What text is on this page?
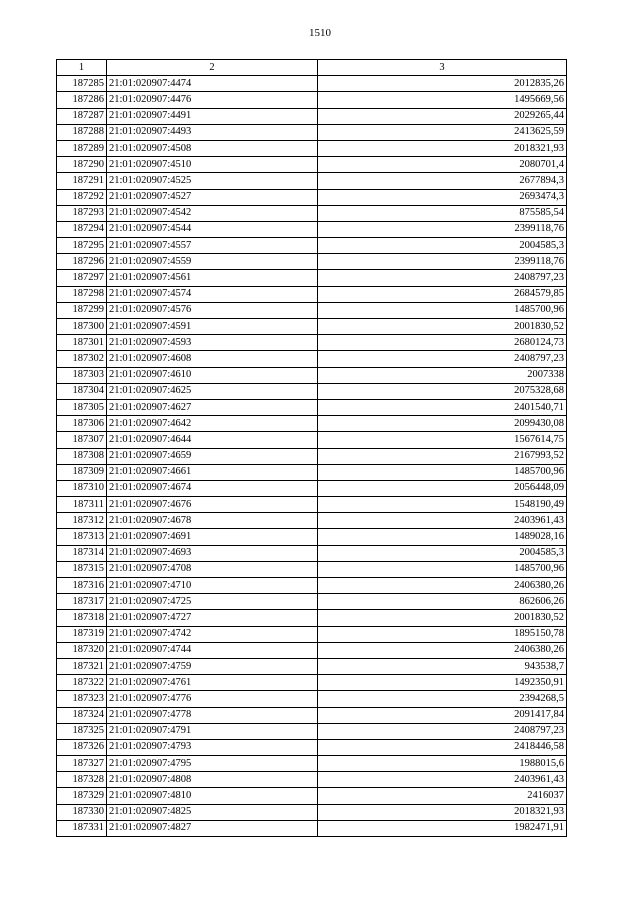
1510
1	2	3
187285	21:01:020907:4474	2012835,26
187286	21:01:020907:4476	1495669,56
187287	21:01:020907:4491	2029265,44
187288	21:01:020907:4493	2413625,59
187289	21:01:020907:4508	2018321,93
187290	21:01:020907:4510	2080701,4
187291	21:01:020907:4525	2677894,3
187292	21:01:020907:4527	2693474,3
187293	21:01:020907:4542	875585,54
187294	21:01:020907:4544	2399118,76
187295	21:01:020907:4557	2004585,3
187296	21:01:020907:4559	2399118,76
187297	21:01:020907:4561	2408797,23
187298	21:01:020907:4574	2684579,85
187299	21:01:020907:4576	1485700,96
187300	21:01:020907:4591	2001830,52
187301	21:01:020907:4593	2680124,73
187302	21:01:020907:4608	2408797,23
187303	21:01:020907:4610	2007338
187304	21:01:020907:4625	2075328,68
187305	21:01:020907:4627	2401540,71
187306	21:01:020907:4642	2099430,08
187307	21:01:020907:4644	1567614,75
187308	21:01:020907:4659	2167993,52
187309	21:01:020907:4661	1485700,96
187310	21:01:020907:4674	2056448,09
187311	21:01:020907:4676	1548190,49
187312	21:01:020907:4678	2403961,43
187313	21:01:020907:4691	1489028,16
187314	21:01:020907:4693	2004585,3
187315	21:01:020907:4708	1485700,96
187316	21:01:020907:4710	2406380,26
187317	21:01:020907:4725	862606,26
187318	21:01:020907:4727	2001830,52
187319	21:01:020907:4742	1895150,78
187320	21:01:020907:4744	2406380,26
187321	21:01:020907:4759	943538,7
187322	21:01:020907:4761	1492350,91
187323	21:01:020907:4776	2394268,5
187324	21:01:020907:4778	2091417,84
187325	21:01:020907:4791	2408797,23
187326	21:01:020907:4793	2418446,58
187327	21:01:020907:4795	1988015,6
187328	21:01:020907:4808	2403961,43
187329	21:01:020907:4810	2416037
187330	21:01:020907:4825	2018321,93
187331	21:01:020907:4827	1982471,91
